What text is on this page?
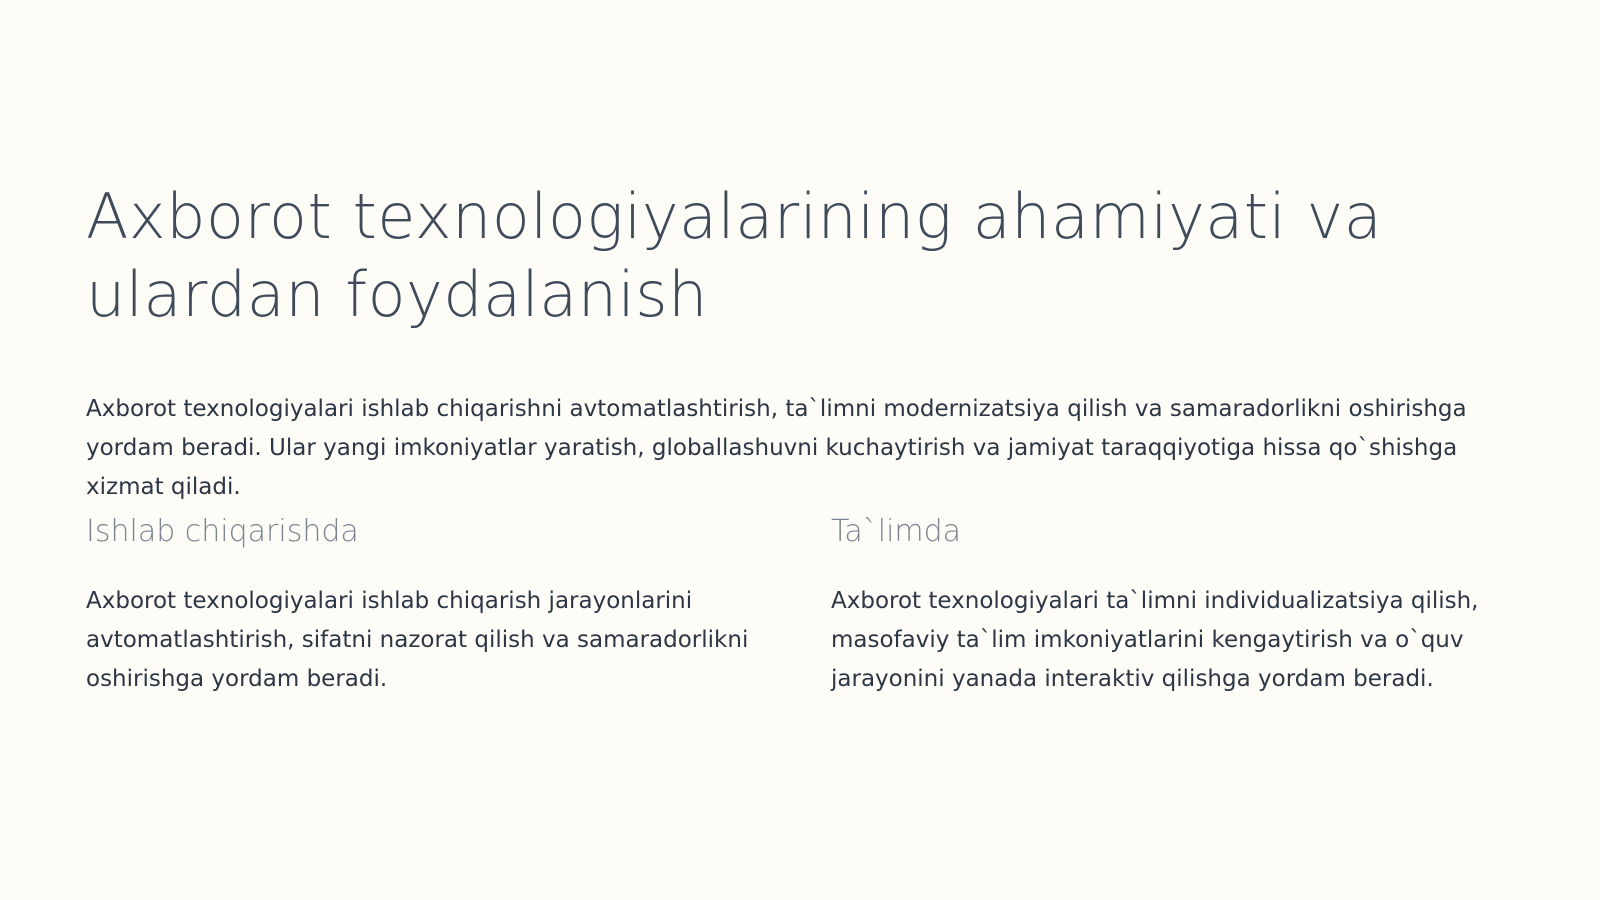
Axborot texnologiyalarining ahamiyati va ulardan foydalanish

Axborot texnologiyalari ishlab chiqarishni avtomatlashtirish, ta`limni modernizatsiya qilish va samaradorlikni oshirishga yordam beradi. Ular yangi imkoniyatlar yaratish, globallashuvni kuchaytirish va jamiyat taraqqiyotiga hissa qo`shishga xizmat qiladi.

Ishlab chiqarishda

Axborot texnologiyalari ishlab chiqarish jarayonlarini avtomatlashtirish, sifatni nazorat qilish va samaradorlikni oshirishga yordam beradi.

Ta`limda

Axborot texnologiyalari ta`limni individualizatsiya qilish, masofaviy ta`lim imkoniyatlarini kengaytirish va o`quv jarayonini yanada interaktiv qilishga yordam beradi.
